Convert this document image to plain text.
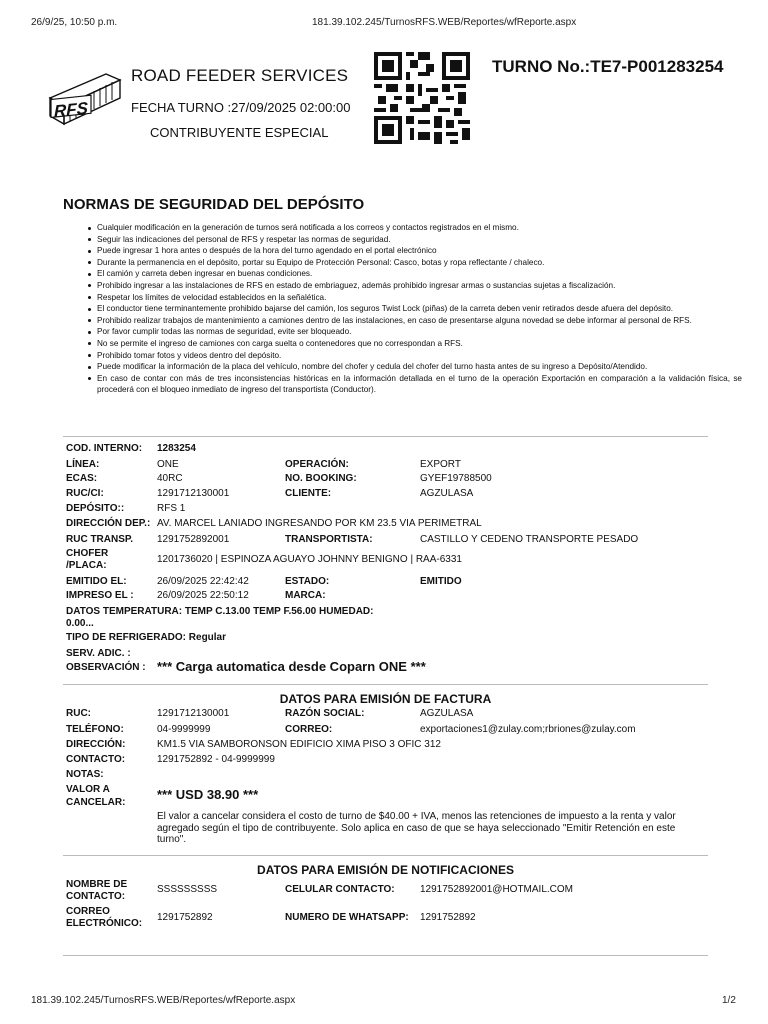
26/9/25, 10:50 p.m.	181.39.102.245/TurnosRFS.WEB/Reportes/wfReporte.aspx
RFS
ROAD FEEDER SERVICES
FECHA TURNO :27/09/2025 02:00:00
CONTRIBUYENTE ESPECIAL
TURNO No.:TE7-P001283254
NORMAS DE SEGURIDAD DEL DEPÓSITO
Cualquier modificación en la generación de turnos será notificada a los correos y contactos registrados en el mismo.
Seguir las indicaciones del personal de RFS y respetar las normas de seguridad.
Puede ingresar 1 hora antes o después de la hora del turno agendado en el portal electrónico
Durante la permanencia en el depósito, portar su Equipo de Protección Personal: Casco, botas y ropa reflectante / chaleco.
El camión y carreta deben ingresar en buenas condiciones.
Prohibido ingresar a las instalaciones de RFS en estado de embriaguez, además prohibido ingresar armas o sustancias sujetas a fiscalización.
Respetar los límites de velocidad establecidos en la señalética.
El conductor tiene terminantemente prohibido bajarse del camión, los seguros Twist Lock (piñas) de la carreta deben venir retirados desde afuera del depósito.
Prohibido realizar trabajos de mantenimiento a camiones dentro de las instalaciones, en caso de presentarse alguna novedad se debe informar al personal de RFS.
Por favor cumplir todas las normas de seguridad, evite ser bloqueado.
No se permite el ingreso de camiones con carga suelta o contenedores que no correspondan a RFS.
Prohibido tomar fotos y videos dentro del depósito.
Puede modificar la información de la placa del vehículo, nombre del chofer y cedula del chofer del turno hasta antes de su ingreso a Depósito/Atendido.
En caso de contar con más de tres inconsistencias históricas en la información detallada en el turno de la operación Exportación en comparación a la validación física, se procederá con el bloqueo inmediato de ingreso del transportista (Conductor).
COD. INTERNO: 1283254
LÍNEA:	ONE	OPERACIÓN:	EXPORT
ECAS:	40RC	NO. BOOKING:	GYEF19788500
RUC/CI:	1291712130001	CLIENTE:	AGZULASA
DEPÓSITO::	RFS 1
DIRECCIÓN DEP.: AV. MARCEL LANIADO INGRESANDO POR KM 23.5 VIA PERIMETRAL
RUC TRANSP. 1291752892001	TRANSPORTISTA:	CASTILLO Y CEDENO TRANSPORTE PESADO
CHOFER
/PLACA:
1201736020 | ESPINOZA AGUAYO JOHNNY BENIGNO | RAA-6331
EMITIDO EL:	26/09/2025 22:42:42	ESTADO:	EMITIDO
IMPRESO EL : 26/09/2025 22:50:12	MARCA:
DATOS TEMPERATURA: TEMP C.13.00 TEMP F.56.00 HUMEDAD:
0.00...
TIPO DE REFRIGERADO: Regular
SERV. ADIC. :
OBSERVACIÓN : *** Carga automatica desde Coparn ONE ***
DATOS PARA EMISIÓN DE FACTURA
RUC:	1291712130001	RAZÓN SOCIAL:	AGZULASA
TELÉFONO:	04-9999999	CORREO:	exportaciones1@zulay.com;rbriones@zulay.com
DIRECCIÓN:	KM1.5 VIA SAMBORONSON EDIFICIO XIMA PISO 3 OFIC 312
CONTACTO:	1291752892 - 04-9999999
NOTAS:
VALOR A
CANCELAR:
*** USD 38.90 ***
El valor a cancelar considera el costo de turno de $40.00 + IVA, menos las retenciones de impuesto a la renta y valor agregado según el tipo de contribuyente. Solo aplica en caso de que se haya seleccionado "Emitir Retención en este turno".
DATOS PARA EMISIÓN DE NOTIFICACIONES
NOMBRE DE
CONTACTO:
SSSSSSSSS	CELULAR CONTACTO:	1291752892001@HOTMAIL.COM
CORREO
ELECTRÓNICO:
1291752892	NUMERO DE WHATSAPP: 1291752892
181.39.102.245/TurnosRFS.WEB/Reportes/wfReporte.aspx	1/2
